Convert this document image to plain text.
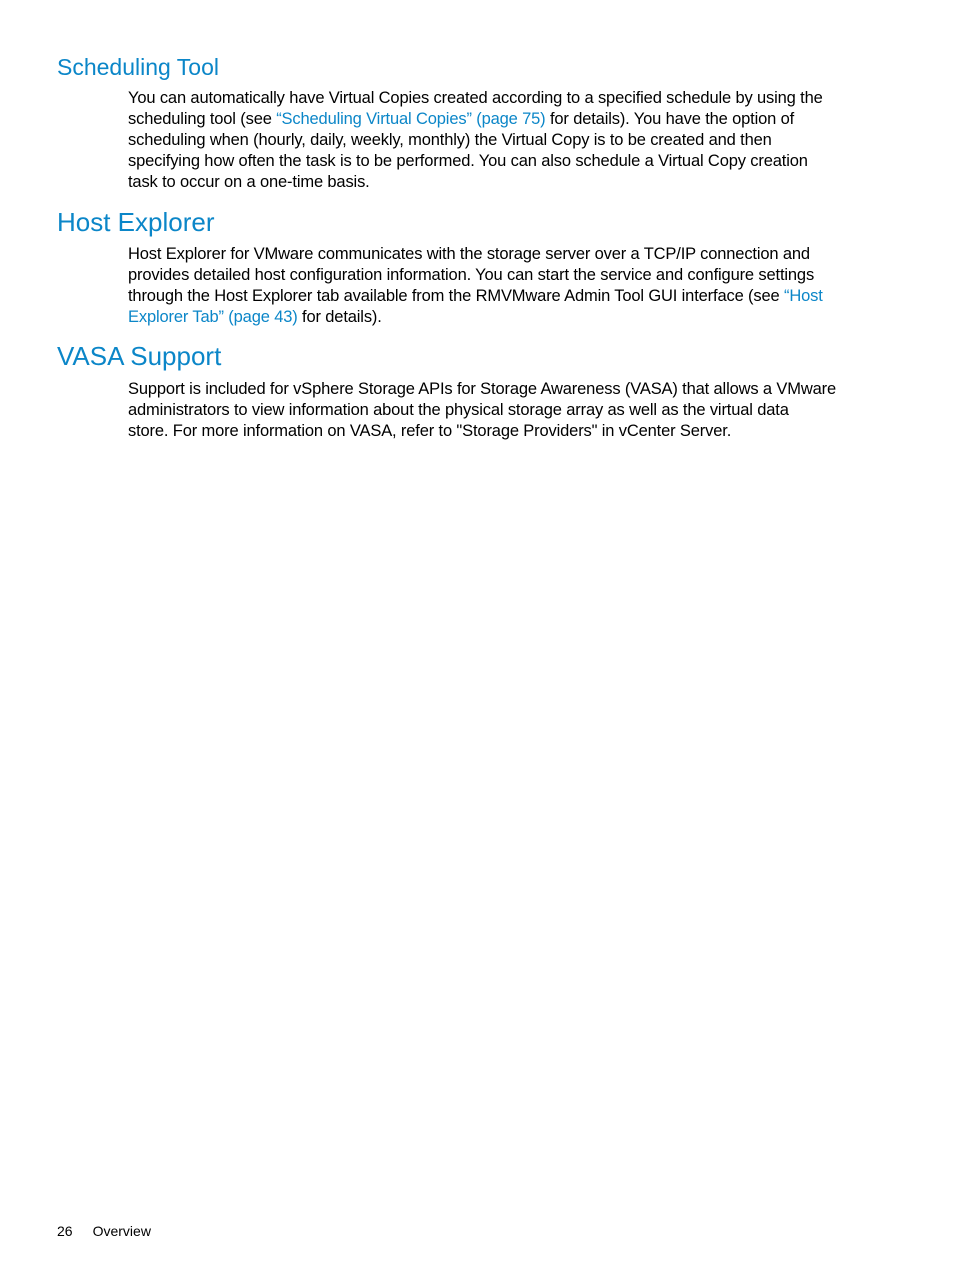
Scheduling Tool

You can automatically have Virtual Copies created according to a specified schedule by using the
scheduling tool (see “Scheduling Virtual Copies” (page 75) for details). You have the option of
scheduling when (hourly, daily, weekly, monthly) the Virtual Copy is to be created and then
specifying how often the task is to be performed. You can also schedule a Virtual Copy creation
task to occur on a one-time basis.

Host Explorer

Host Explorer for VMware communicates with the storage server over a TCP/IP connection and
provides detailed host configuration information. You can start the service and configure settings
through the Host Explorer tab available from the RMVMware Admin Tool GUI interface (see “Host
Explorer Tab” (page 43) for details).

VASA Support

Support is included for vSphere Storage APIs for Storage Awareness (VASA) that allows a VMware
administrators to view information about the physical storage array as well as the virtual data
store. For more information on VASA, refer to "Storage Providers" in vCenter Server.

26 Overview
